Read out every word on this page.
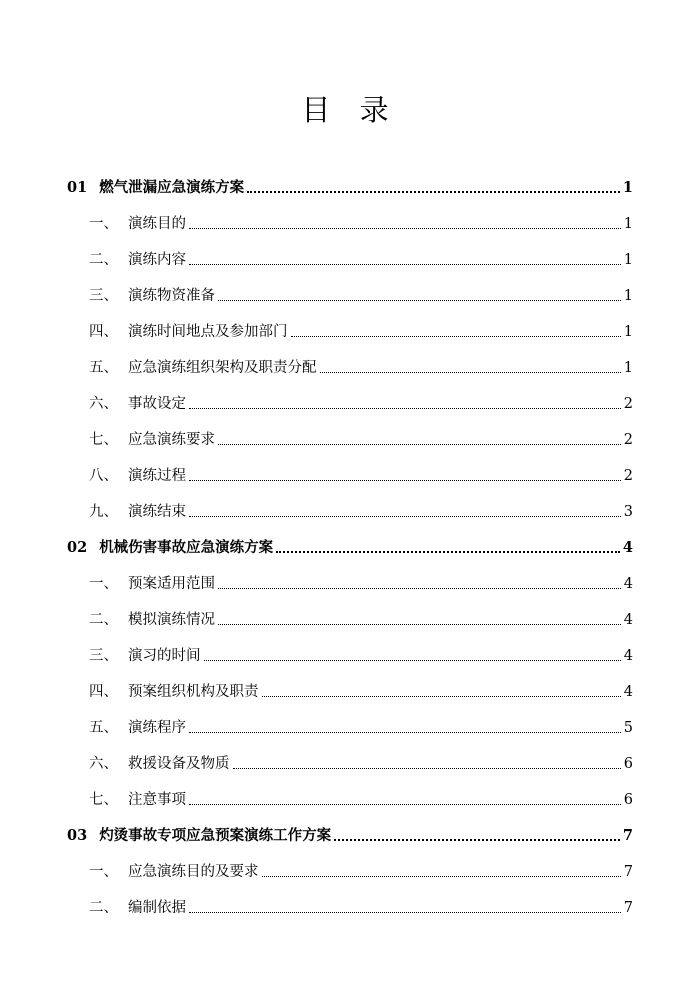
目 录
01 燃气泄漏应急演练方案	1
一、 演练目的	1
二、 演练内容	1
三、 演练物资准备	1
四、 演练时间地点及参加部门	1
五、 应急演练组织架构及职责分配	1
六、 事故设定	2
七、 应急演练要求	2
八、 演练过程	2
九、 演练结束	3
02 机械伤害事故应急演练方案	4
一、 预案适用范围	4
二、 模拟演练情况	4
三、 演习的时间	4
四、 预案组织机构及职责	4
五、 演练程序	5
六、 救援设备及物质	6
七、 注意事项	6
03 灼烫事故专项应急预案演练工作方案	7
一、 应急演练目的及要求	7
二、 编制依据	7
